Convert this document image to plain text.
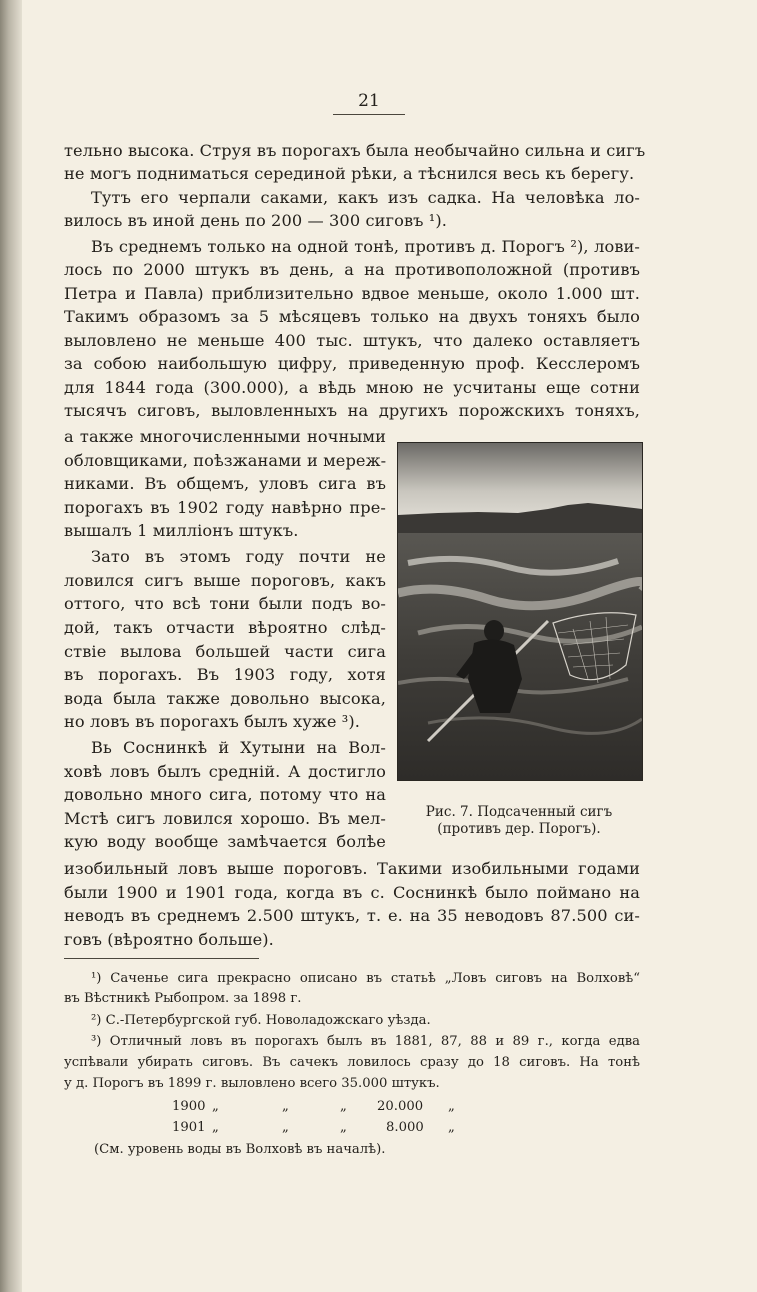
21
тельно высока. Струя въ порогахъ была необычайно сильна и сигъ
не могъ подниматься серединой рѣки, а тѣснился весь къ берегу.
Тутъ его черпали саками, какъ изъ садка. На человѣка ло-
вилось въ иной день по 200 — 300 сиговъ ¹).
Въ среднемъ только на одной тонѣ, противъ д. Порогъ ²), лови-
лось по 2000 штукъ въ день, а на противоположной (противъ
Петра и Павла) приблизительно вдвое меньше, около 1.000 шт.
Такимъ образомъ за 5 мѣсяцевъ только на двухъ тоняхъ было
выловлено не меньше 400 тыс. штукъ, что далеко оставляетъ
за собою наибольшую цифру, приведенную проф. Кесслеромъ
для 1844 года (300.000), а вѣдь мною не усчитаны еще сотни
тысячъ сиговъ, выловленныхъ на другихъ порожскихъ тоняхъ,
а также многочисленными ночными
обловщиками, поѣзжанами и мереж-
никами. Въ общемъ, уловъ сига въ
порогахъ въ 1902 году навѣрно пре-
вышалъ 1 милліонъ штукъ.
Зато въ этомъ году почти не
ловился сигъ выше пороговъ, какъ
оттого, что всѣ тони были подъ во-
дой, такъ отчасти вѣроятно слѣд-
ствіе вылова большей части сига
въ порогахъ. Въ 1903 году, хотя
вода была также довольно высока,
но ловъ въ порогахъ былъ хуже ³).
Вь Соснинкѣ й Хутыни на Вол-
ховѣ ловъ былъ средній. А достигло
довольно много сига, потому что на
Мстѣ сигъ ловился хорошо. Въ мел-
кую воду вообще замѣчается болѣе
Рис. 7. Подсаченный сигъ
(противъ дер. Порогъ).
изобильный ловъ выше пороговъ. Такими изобильными годами
были 1900 и 1901 года, когда въ с. Соснинкѣ было поймано на
неводъ въ среднемъ 2.500 штукъ, т. е. на 35 неводовъ 87.500 си-
говъ (вѣроятно больше).
¹) Саченье сига прекрасно описано въ статьѣ „Ловъ сиговъ на Волховѣ“
въ Вѣстникѣ Рыбопром. за 1898 г.
²) С.-Петербургской губ. Новоладожскаго уѣзда.
³) Отличный ловъ въ порогахъ былъ въ 1881, 87, 88 и 89 г., когда едва
успѣвали убирать сиговъ. Въ сачекъ ловилось сразу до 18 сиговъ. На тонѣ
у д. Порогъ въ 1899 г. выловлено всего 35.000 штукъ.
1900 „	„	„ 20.000 „
1901 „	„	„	8.000 „
(См. уровень воды въ Волховѣ въ началѣ).
